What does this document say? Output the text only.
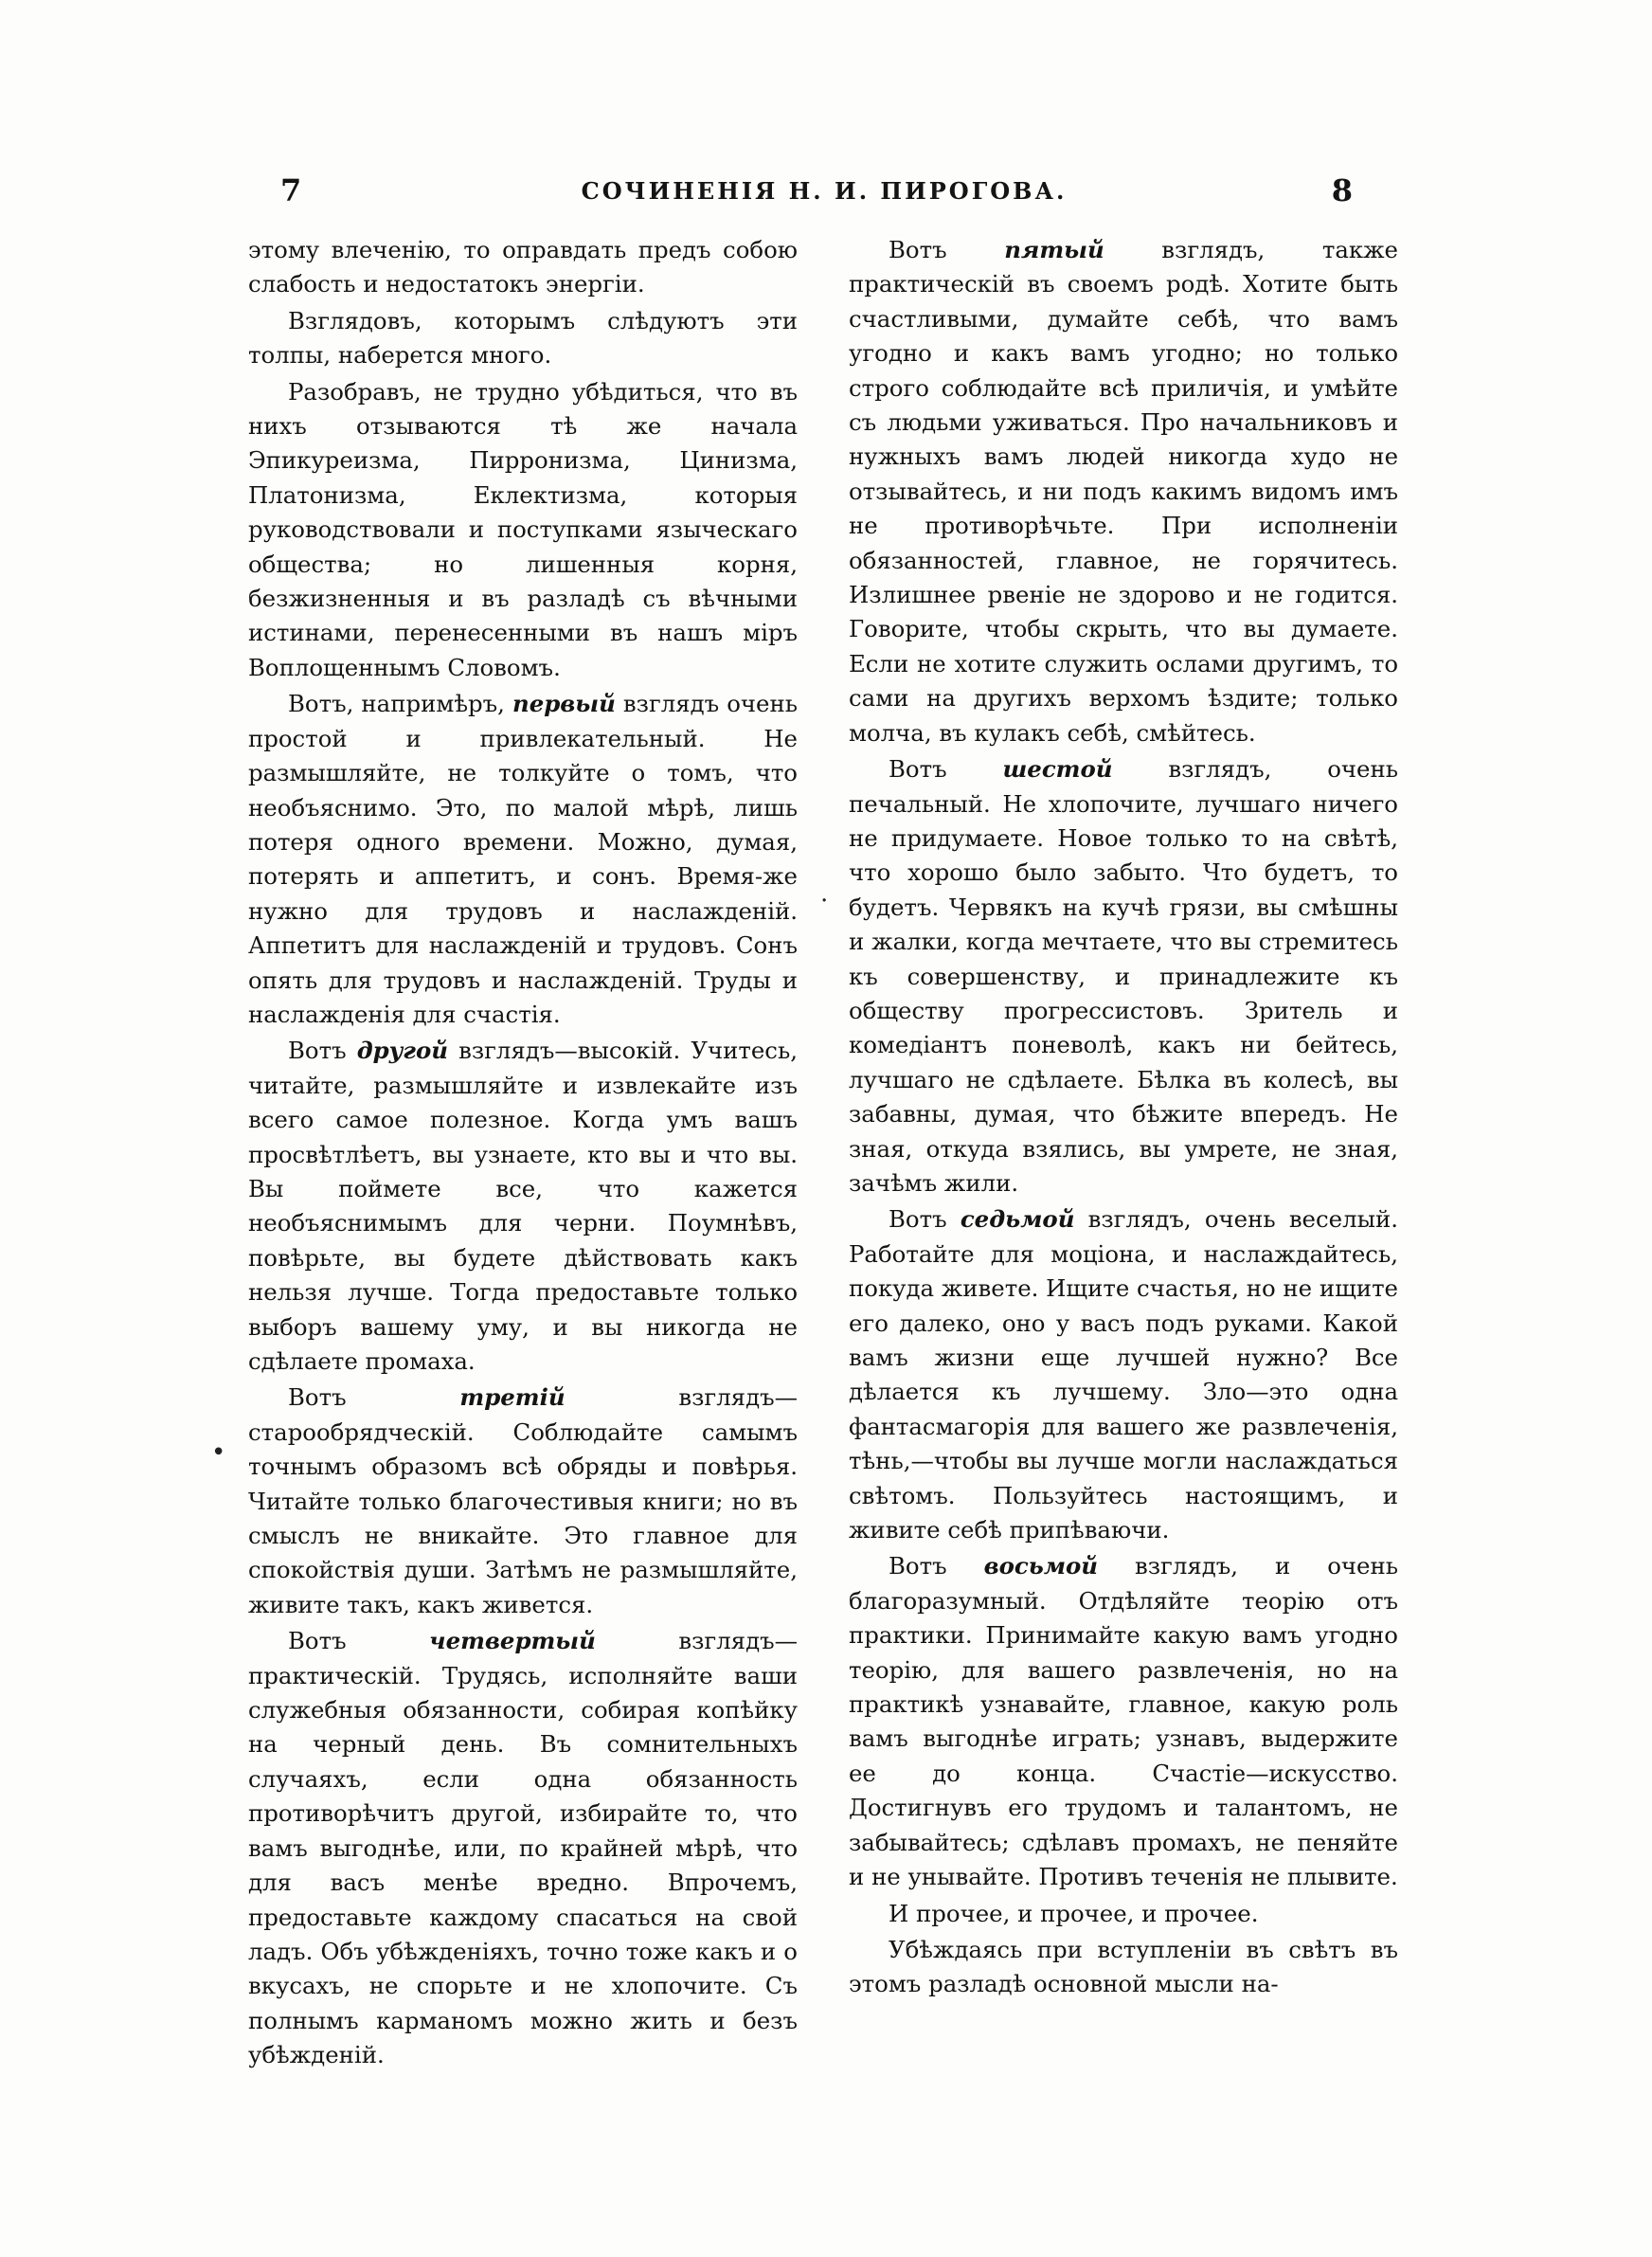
7	СОЧИНЕНІЯ Н. И. ПИРОГОВА.	8

этому влеченію, то оправдать предъ собою слабость и недостатокъ энергіи.

Взглядовъ, которымъ слѣдуютъ эти толпы, наберется много.

Разобравъ, не трудно убѣдиться, что въ нихъ отзываются тѣ же начала Эпикуреизма, Пирронизма, Цинизма, Платонизма, Еклектизма, которыя руководствовали и поступками языческаго общества; но лишенныя корня, безжизненныя и въ разладѣ съ вѣчными истинами, перенесенными въ нашъ міръ Воплощеннымъ Словомъ.

Вотъ, напримѣръ, первый взглядъ очень простой и привлекательный. Не размышляйте, не толкуйте о томъ, что необъяснимо. Это, по малой мѣрѣ, лишь потеря одного времени. Можно, думая, потерять и аппетитъ, и сонъ. Время-же нужно для трудовъ и наслажденій. Аппетитъ для наслажденій и трудовъ. Сонъ опять для трудовъ и наслажденій. Труды и наслажденія для счастія.

Вотъ другой взглядъ—высокій. Учитесь, читайте, размышляйте и извлекайте изъ всего самое полезное. Когда умъ вашъ просвѣтлѣетъ, вы узнаете, кто вы и что вы. Вы поймете все, что кажется необъяснимымъ для черни. Поумнѣвъ, повѣрьте, вы будете дѣйствовать какъ нельзя лучше. Тогда предоставьте только выборъ вашему уму, и вы никогда не сдѣлаете промаха.

Вотъ третій взглядъ—старообрядческій. Соблюдайте самымъ точнымъ образомъ всѣ обряды и повѣрья. Читайте только благочестивыя книги; но въ смыслъ не вникайте. Это главное для спокойствія души. Затѣмъ не размышляйте, живите такъ, какъ живется.

Вотъ четвертый взглядъ—практическій. Трудясь, исполняйте ваши служебныя обязанности, собирая копѣйку на черный день. Въ сомнительныхъ случаяхъ, если одна обязанность противорѣчитъ другой, избирайте то, что вамъ выгоднѣе, или, по крайней мѣрѣ, что для васъ менѣе вредно. Впрочемъ, предоставьте каждому спасаться на свой ладъ. Объ убѣжденіяхъ, точно тоже какъ и о вкусахъ, не спорьте и не хлопочите. Съ полнымъ карманомъ можно жить и безъ убѣжденій.

Вотъ пятый взглядъ, также практическій въ своемъ родѣ. Хотите быть счастливыми, думайте себѣ, что вамъ угодно и какъ вамъ угодно; но только строго соблюдайте всѣ приличія, и умѣйте съ людьми уживаться. Про начальниковъ и нужныхъ вамъ людей никогда худо не отзывайтесь, и ни подъ какимъ видомъ имъ не противорѣчьте. При исполненіи обязанностей, главное, не горячитесь. Излишнее рвеніе не здорово и не годится. Говорите, чтобы скрыть, что вы думаете. Если не хотите служить ослами другимъ, то сами на другихъ верхомъ ѣздите; только молча, въ кулакъ себѣ, смѣйтесь.

Вотъ шестой взглядъ, очень печальный. Не хлопочите, лучшаго ничего не придумаете. Новое только то на свѣтѣ, что хорошо было забыто. Что будетъ, то будетъ. Червякъ на кучѣ грязи, вы смѣшны и жалки, когда мечтаете, что вы стремитесь къ совершенству, и принадлежите къ обществу прогрессистовъ. Зритель и комедіантъ поневолѣ, какъ ни бейтесь, лучшаго не сдѣлаете. Бѣлка въ колесѣ, вы забавны, думая, что бѣжите впередъ. Не зная, откуда взялись, вы умрете, не зная, зачѣмъ жили.

Вотъ седьмой взглядъ, очень веселый. Работайте для моціона, и наслаждайтесь, покуда живете. Ищите счастья, но не ищите его далеко, оно у васъ подъ руками. Какой вамъ жизни еще лучшей нужно? Все дѣлается къ лучшему. Зло—это одна фантасмагорія для вашего же развлеченія, тѣнь,—чтобы вы лучше могли наслаждаться свѣтомъ. Пользуйтесь настоящимъ, и живите себѣ припѣваючи.

Вотъ восьмой взглядъ, и очень благоразумный. Отдѣляйте теорію отъ практики. Принимайте какую вамъ угодно теорію, для вашего развлеченія, но на практикѣ узнавайте, главное, какую роль вамъ выгоднѣе играть; узнавъ, выдержите ее до конца. Счастіе—искусство. Достигнувъ его трудомъ и талантомъ, не забывайтесь; сдѣлавъ промахъ, не пеняйте и не унывайте. Противъ теченія не плывите.

И прочее, и прочее, и прочее.

Убѣждаясь при вступленіи въ свѣтъ въ этомъ разладѣ основной мысли на-

•
.
